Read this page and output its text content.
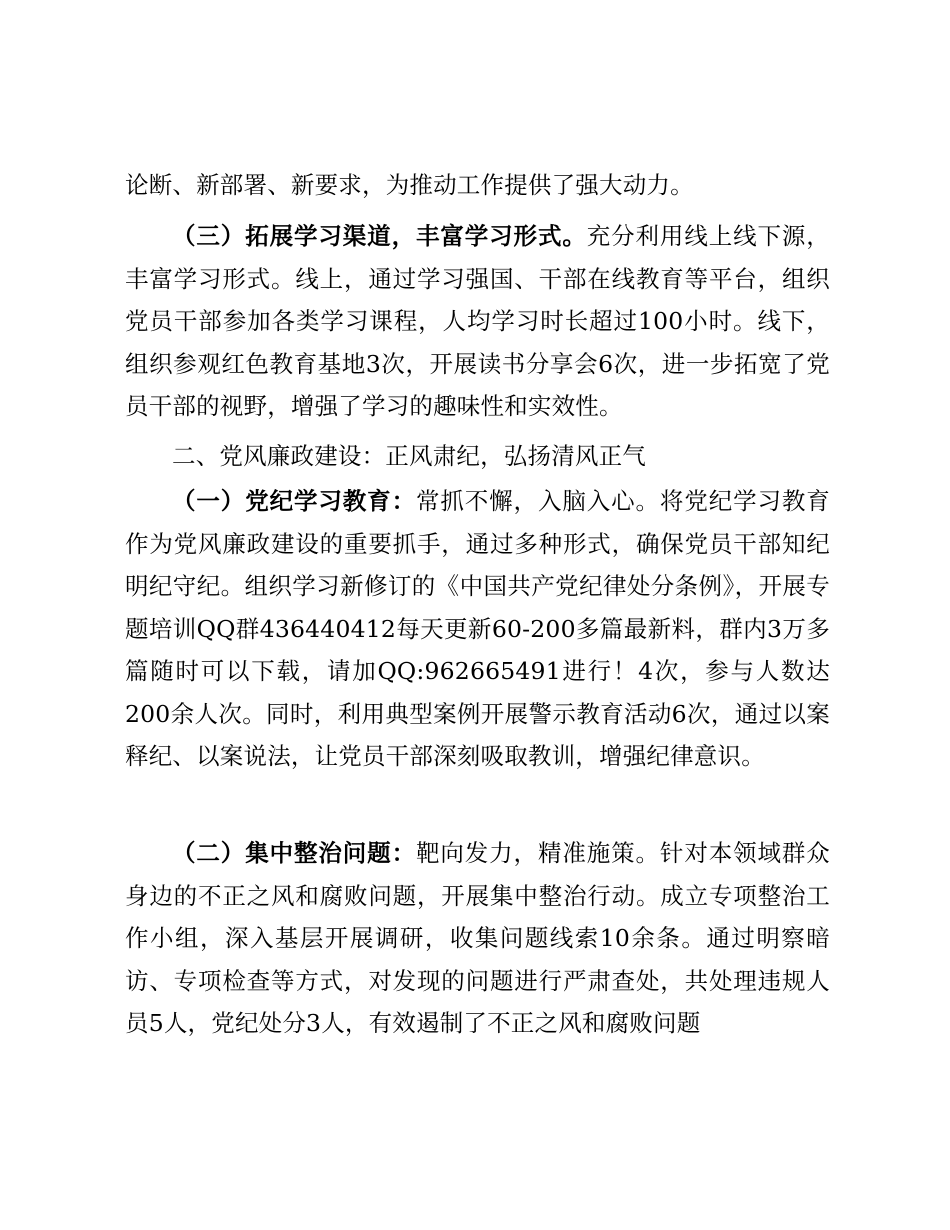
论断、新部署、新要求，为推动工作提供了强大动力。

（三）拓展学习渠道，丰富学习形式。充分利用线上线下源，丰富学习形式。线上，通过学习强国、干部在线教育等平台，组织党员干部参加各类学习课程，人均学习时长超过100小时。线下，组织参观红色教育基地3次，开展读书分享会6次，进一步拓宽了党员干部的视野，增强了学习的趣味性和实效性。

二、党风廉政建设：正风肃纪，弘扬清风正气

（一）党纪学习教育：常抓不懈，入脑入心。将党纪学习教育作为党风廉政建设的重要抓手，通过多种形式，确保党员干部知纪明纪守纪。组织学习新修订的《中国共产党纪律处分条例》，开展专题培训QQ群436440412每天更新60-200多篇最新料，群内3万多篇随时可以下载，请加QQ:962665491进行！4次，参与人数达200余人次。同时，利用典型案例开展警示教育活动6次，通过以案释纪、以案说法，让党员干部深刻吸取教训，增强纪律意识。

（二）集中整治问题：靶向发力，精准施策。针对本领域群众身边的不正之风和腐败问题，开展集中整治行动。成立专项整治工作小组，深入基层开展调研，收集问题线索10余条。通过明察暗访、专项检查等方式，对发现的问题进行严肃查处，共处理违规人员5人，党纪处分3人，有效遏制了不正之风和腐败问题
